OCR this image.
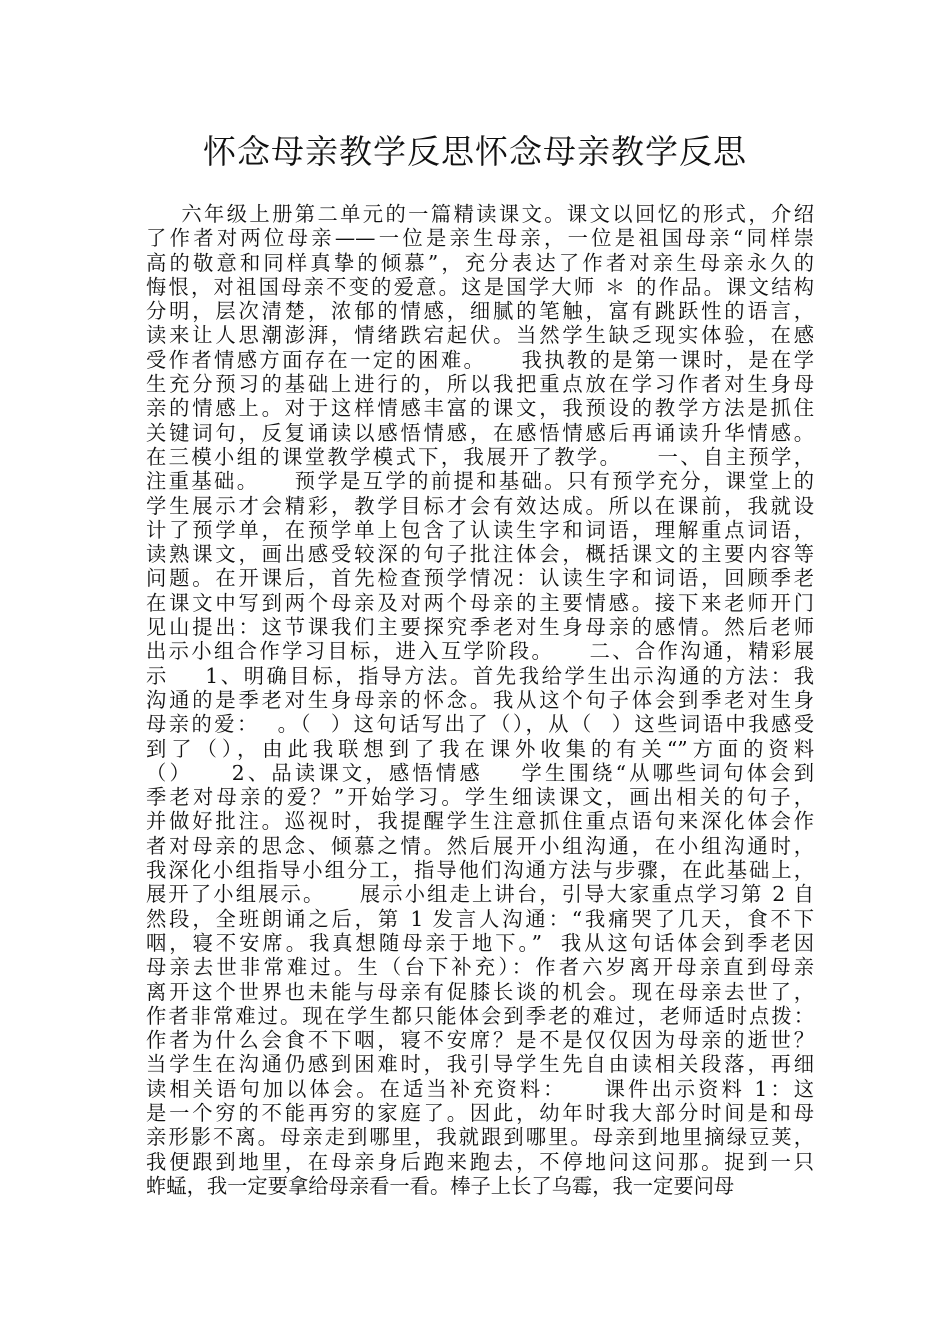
怀念母亲教学反思怀念母亲教学反思
六年级上册第二单元的一篇精读课文。课文以回忆的形式，介绍
了作者对两位母亲——一位是亲生母亲，一位是祖国母亲“同样崇
高的敬意和同样真挚的倾慕”，充分表达了作者对亲生母亲永久的
悔恨，对祖国母亲不变的爱意。这是国学大师 ＊ 的作品。课文结构
分明，层次清楚，浓郁的情感，细腻的笔触，富有跳跃性的语言，
读来让人思潮澎湃，情绪跌宕起伏。当然学生缺乏现实体验，在感
受作者情感方面存在一定的困难。    我执教的是第一课时，是在学
生充分预习的基础上进行的，所以我把重点放在学习作者对生身母
亲的情感上。对于这样情感丰富的课文，我预设的教学方法是抓住
关键词句，反复诵读以感悟情感，在感悟情感后再诵读升华情感。
在三模小组的课堂教学模式下，我展开了教学。    一、自主预学，
注重基础。    预学是互学的前提和基础。只有预学充分，课堂上的
学生展示才会精彩，教学目标才会有效达成。所以在课前，我就设
计了预学单，在预学单上包含了认读生字和词语，理解重点词语，
读熟课文，画出感受较深的句子批注体会，概括课文的主要内容等
问题。在开课后，首先检查预学情况：认读生字和词语，回顾季老
在课文中写到两个母亲及对两个母亲的主要情感。接下来老师开门
见山提出：这节课我们主要探究季老对生身母亲的感情。然后老师
出示小组合作学习目标，进入互学阶段。    二、合作沟通，精彩展
示    1、明确目标，指导方法。首先我给学生出示沟通的方法：我
沟通的是季老对生身母亲的怀念。我从这个句子体会到季老对生身
母亲的爱：  。（  ）这句话写出了（），从（  ）这些词语中我感受
到了（），由此我联想到了我在课外收集的有关“”方面的资料
（）    2、品读课文，感悟情感    学生围绕“从哪些词句体会到
季老对母亲的爱？”开始学习。学生细读课文，画出相关的句子，
并做好批注。巡视时，我提醒学生注意抓住重点语句来深化体会作
者对母亲的思念、倾慕之情。然后展开小组沟通，在小组沟通时，
我深化小组指导小组分工，指导他们沟通方法与步骤，在此基础上，
展开了小组展示。    展示小组走上讲台，引导大家重点学习第 2 自
然段，全班朗诵之后，第 1 发言人沟通：“我痛哭了几天，食不下
咽，寝不安席。我真想随母亲于地下。”  我从这句话体会到季老因
母亲去世非常难过。生（台下补充）：作者六岁离开母亲直到母亲
离开这个世界也未能与母亲有促膝长谈的机会。现在母亲去世了，
作者非常难过。现在学生都只能体会到季老的难过，老师适时点拨：
作者为什么会食不下咽，寝不安席？是不是仅仅因为母亲的逝世？
当学生在沟通仍感到困难时，我引导学生先自由读相关段落，再细
读相关语句加以体会。在适当补充资料：    课件出示资料 1：这
是一个穷的不能再穷的家庭了。因此，幼年时我大部分时间是和母
亲形影不离。母亲走到哪里，我就跟到哪里。母亲到地里摘绿豆荚，
我便跟到地里，在母亲身后跑来跑去，不停地问这问那。捉到一只
蚱蜢，我一定要拿给母亲看一看。棒子上长了乌霉，我一定要问母
